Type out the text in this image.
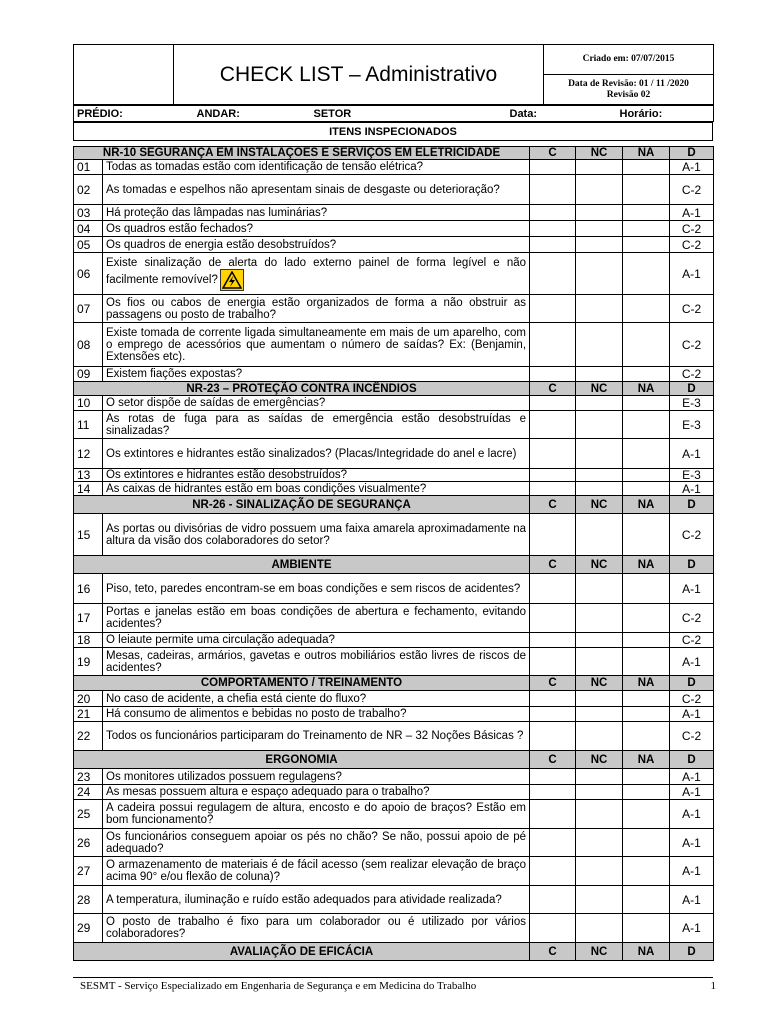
	CHECK LIST – Administrativo	Criado em: 07/07/2015

Data de Revisão: 01 / 11 /2020
Revisão 02
PRÉDIO:	ANDAR:	SETOR	Data:	Horário:
ITENS INSPECIONADOS
NR-10 SEGURANÇA EM INSTALAÇÕES E SERVIÇOS EM ELETRICIDADE		C	NC	NA	D
01	Todas as tomadas estão com identificação de tensão elétrica?				A-1
02	As tomadas e espelhos não apresentam sinais de desgaste ou deterioração?				C-2
03	Há proteção das lâmpadas nas luminárias?				A-1
04	Os quadros estão fechados?				C-2
05	Os quadros de energia estão desobstruídos?				C-2
06	Existe sinalização de alerta do lado externo painel de forma legível e não facilmente removível?				A-1
07	Os fios ou cabos de energia estão organizados de forma a não obstruir as passagens ou posto de trabalho?				C-2
08	Existe tomada de corrente ligada simultaneamente em mais de um aparelho, com o emprego de acessórios que aumentam o número de saídas? Ex: (Benjamin, Extensões etc).				C-2
09	Existem fiações expostas?				C-2
NR-23 – PROTEÇÃO CONTRA INCÊNDIOS		C	NC	NA	D
10	O setor dispõe de saídas de emergências?				E-3
11	As rotas de fuga para as saídas de emergência estão desobstruídas e sinalizadas?				E-3
12	Os extintores e hidrantes estão sinalizados? (Placas/Integridade do anel e lacre)				A-1
13	Os extintores e hidrantes estão desobstruídos?				E-3
14	As caixas de hidrantes estão em boas condições visualmente?				A-1
NR-26 - SINALIZAÇÃO DE SEGURANÇA		C	NC	NA	D
15	As portas ou divisórias de vidro possuem uma faixa amarela aproximadamente na altura da visão dos colaboradores do setor?				C-2
AMBIENTE		C	NC	NA	D
16	Piso, teto, paredes encontram-se em boas condições e sem riscos de acidentes?				A-1
17	Portas e janelas estão em boas condições de abertura e fechamento, evitando acidentes?				C-2
18	O leiaute permite uma circulação adequada?				C-2
19	Mesas, cadeiras, armários, gavetas e outros mobiliários estão livres de riscos de acidentes?				A-1
COMPORTAMENTO / TREINAMENTO		C	NC	NA	D
20	No caso de acidente, a chefia está ciente do fluxo?				C-2
21	Há consumo de alimentos e bebidas no posto de trabalho?				A-1
22	Todos os funcionários participaram do Treinamento de NR – 32 Noções Básicas ?				C-2
ERGONOMIA		C	NC	NA	D
23	Os monitores utilizados possuem regulagens?				A-1
24	As mesas possuem altura e espaço adequado para o trabalho?				A-1
25	A cadeira possui regulagem de altura, encosto e do apoio de braços? Estão em bom funcionamento?				A-1
26	Os funcionários conseguem apoiar os pés no chão? Se não, possui apoio de pé adequado?				A-1
27	O armazenamento de materiais é de fácil acesso (sem realizar elevação de braço acima 90° e/ou flexão de coluna)?				A-1
28	A temperatura, iluminação e ruído estão adequados para atividade realizada?				A-1
29	O posto de trabalho é fixo para um colaborador ou é utilizado por vários colaboradores?				A-1
AVALIAÇÃO DE EFICÁCIA		C	NC	NA	D
SESMT - Serviço Especializado em Engenharia de Segurança e em Medicina do Trabalho	1
